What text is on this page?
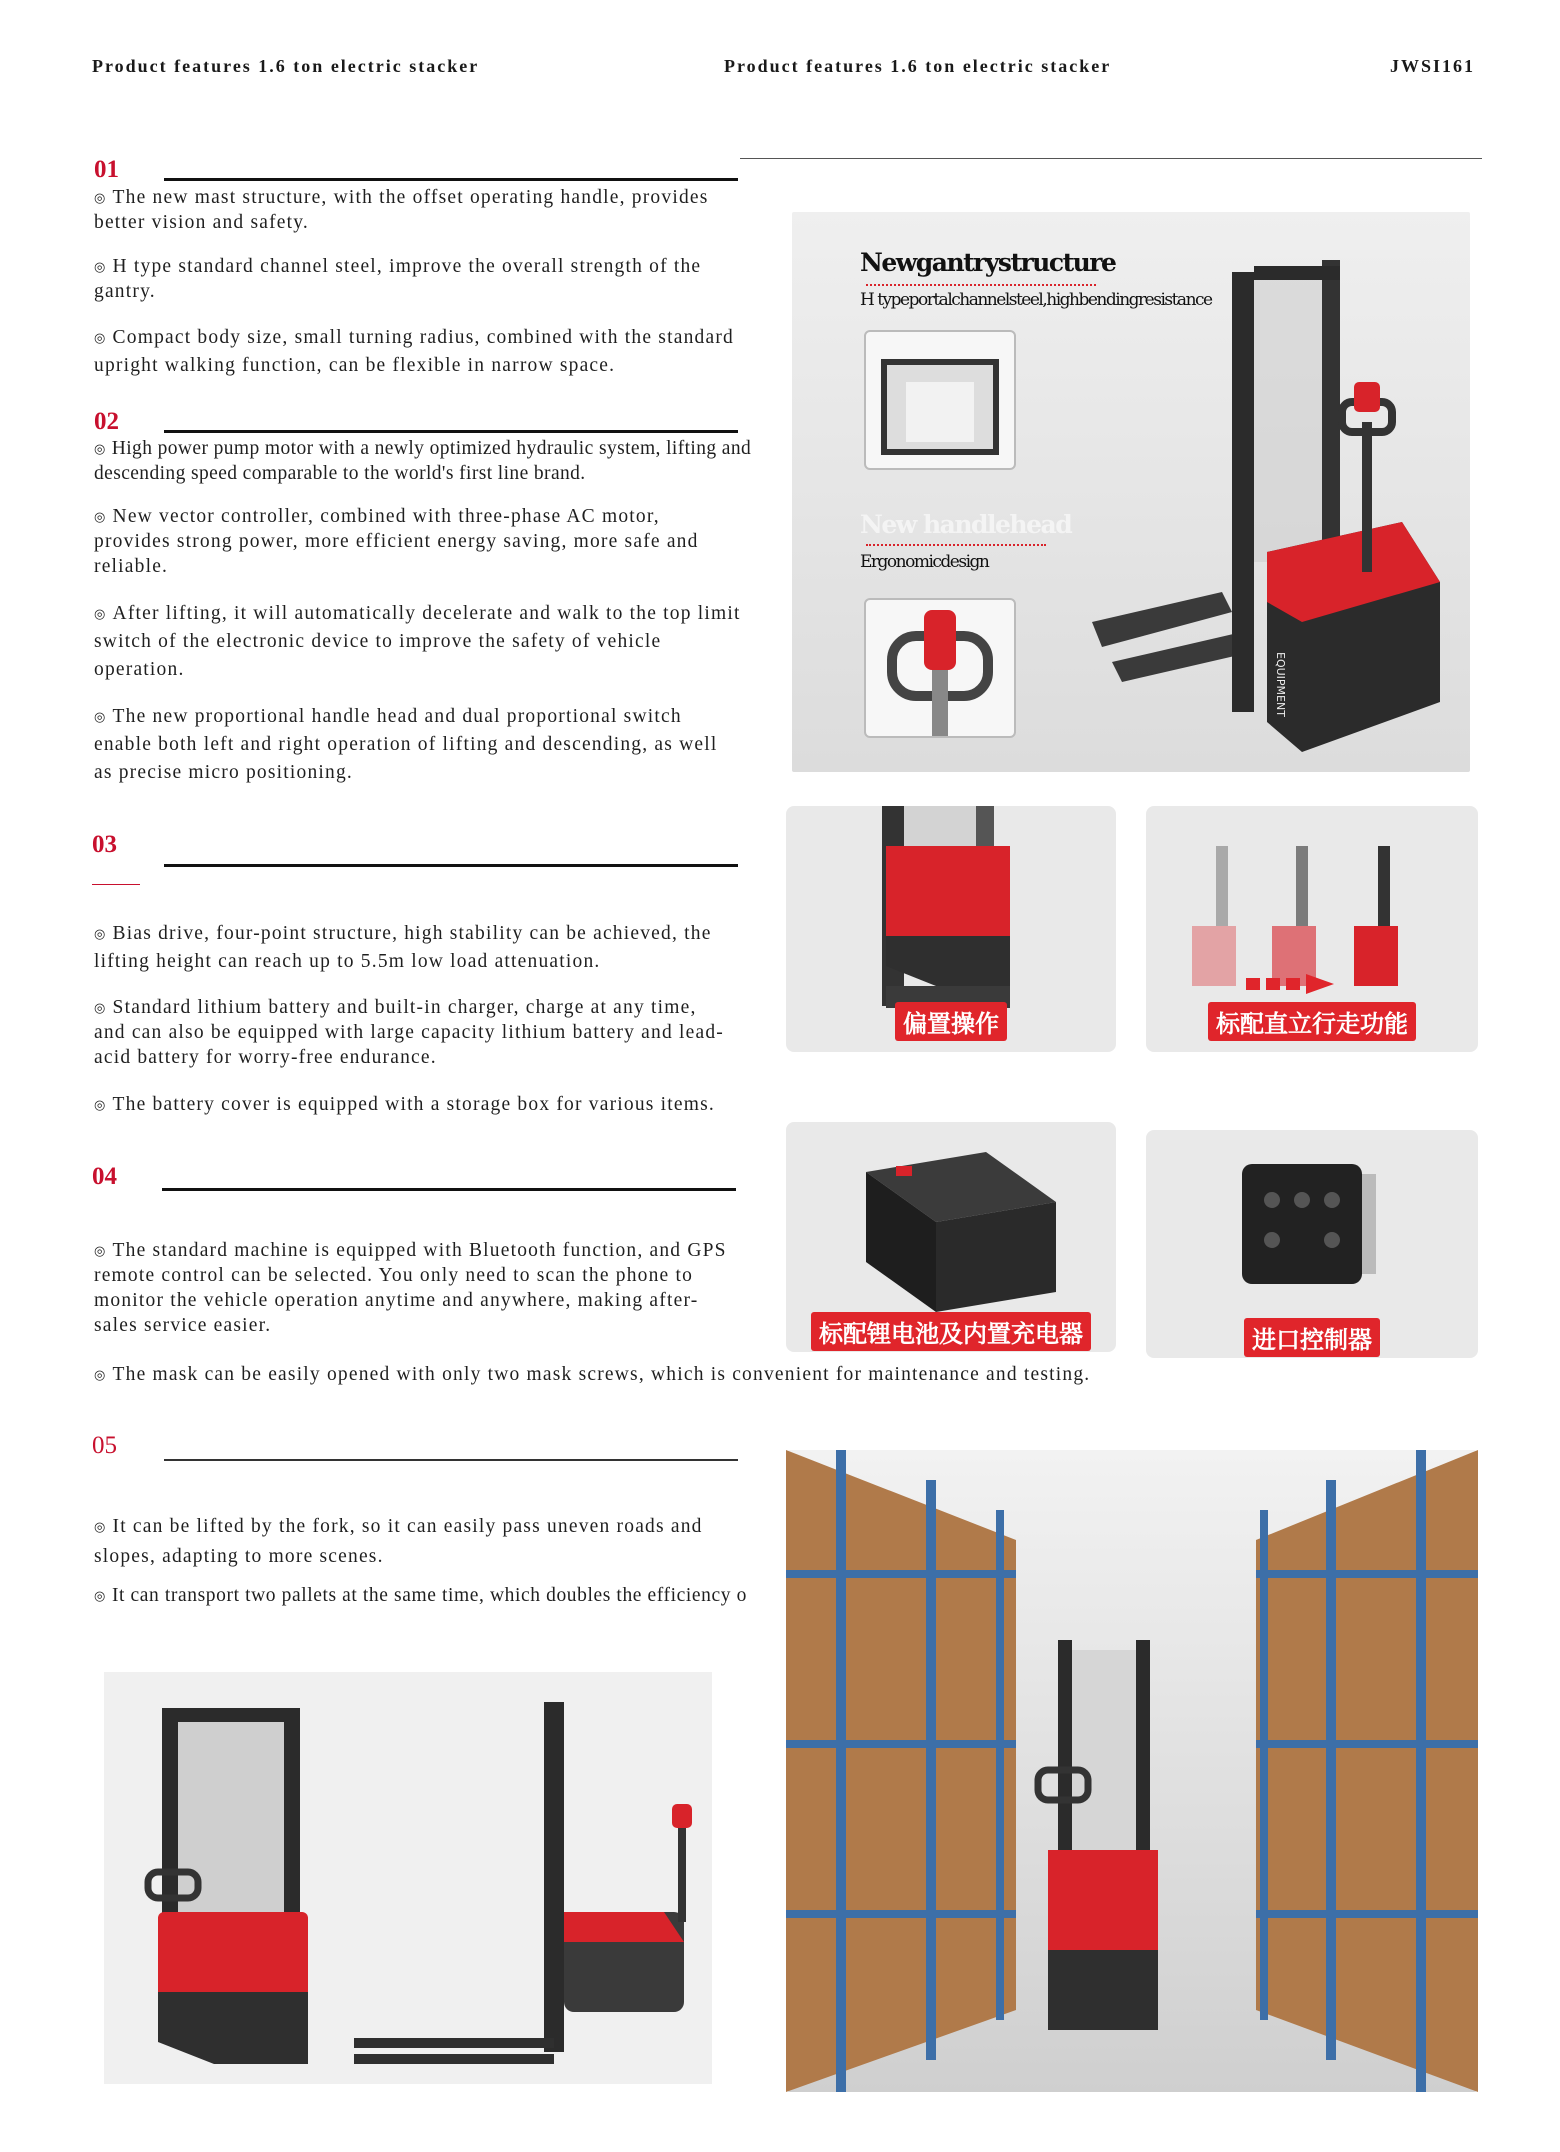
Product features 1.6 ton electric stacker	Product features 1.6 ton electric stacker	JWSI161
01
◎ The new mast structure, with the offset operating handle, provides better vision and safety.
◎ H type standard channel steel, improve the overall strength of the gantry.
◎ Compact body size, small turning radius, combined with the standard upright walking function, can be flexible in narrow space.
02
◎ High power pump motor with a newly optimized hydraulic system, lifting and descending speed comparable to the world's first line brand.
◎ New vector controller, combined with three-phase AC motor, provides strong power, more efficient energy saving, more safe and reliable.
◎ After lifting, it will automatically decelerate and walk to the top limit switch of the electronic device to improve the safety of vehicle operation.
◎ The new proportional handle head and dual proportional switch enable both left and right operation of lifting and descending, as well as precise micro positioning.
03
◎ Bias drive, four-point structure, high stability can be achieved, the lifting height can reach up to 5.5m low load attenuation.
◎ Standard lithium battery and built-in charger, charge at any time, and can also be equipped with large capacity lithium battery and lead-acid battery for worry-free endurance.
◎ The battery cover is equipped with a storage box for various items.
04
◎ The standard machine is equipped with Bluetooth function, and GPS remote control can be selected. You only need to scan the phone to monitor the vehicle operation anytime and anywhere, making after-sales service easier.
◎ The mask can be easily opened with only two mask screws, which is convenient for maintenance and testing.
05
◎ It can be lifted by the fork, so it can easily pass uneven roads and slopes, adapting to more scenes.
◎ It can transport two pallets at the same time, which doubles the efficiency o
Newgantrystructure
H typeportalchannelsteel,highbendingresistance
New handlehead
Ergonomicdesign
EQUIPMENT
偏置操作	标配直立行走功能
标配锂电池及内置充电器	进口控制器
